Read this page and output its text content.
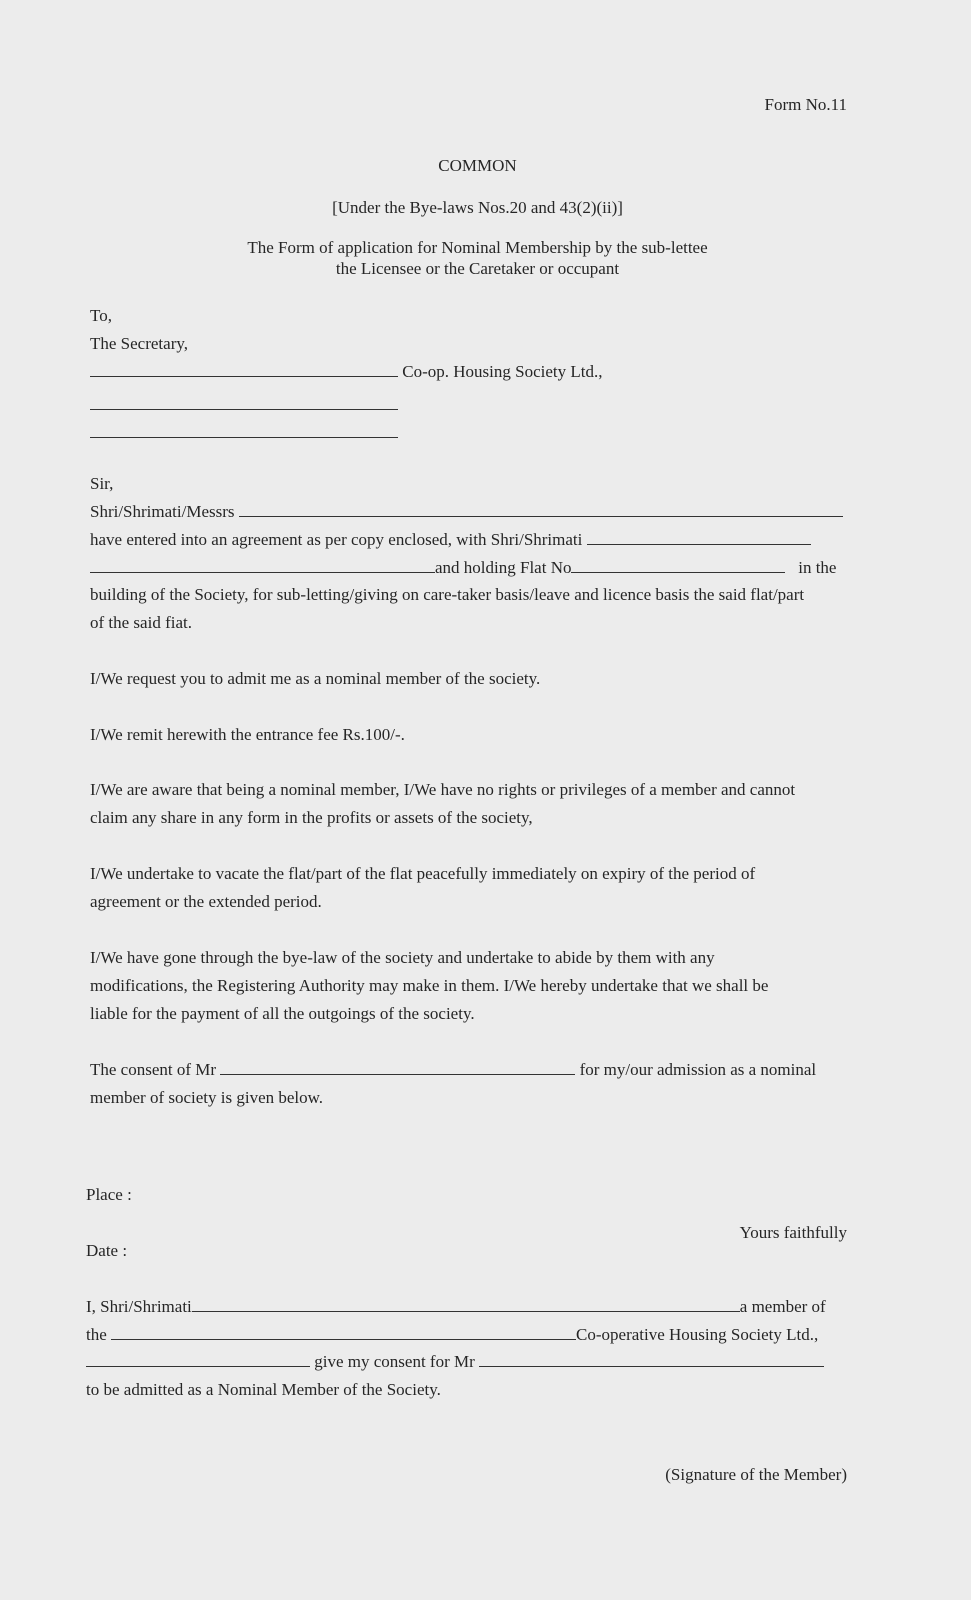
Form No.11
COMMON
[Under the Bye-laws Nos.20 and 43(2)(ii)]
The Form of application for Nominal Membership by the sub-lettee
the Licensee or the Caretaker or occupant
To,
The Secretary,
Co-op. Housing Society Ltd.,
Sir,
Shri/Shrimati/Messrs
have entered into an agreement as per copy enclosed, with Shri/Shrimati
and holding Flat No	in the
building of the Society, for sub-letting/giving on care-taker basis/leave and licence basis the said flat/part
of the said fiat.
I/We request you to admit me as a nominal member of the society.
I/We remit herewith the entrance fee Rs.100/-.
I/We are aware that being a nominal member, I/We have no rights or privileges of a member and cannot
claim any share in any form in the profits or assets of the society,
I/We undertake to vacate the flat/part of the flat peacefully immediately on expiry of the period of
agreement or the extended period.
I/We have gone through the bye-law of the society and undertake to abide by them with any
modifications, the Registering Authority may make in them. I/We hereby undertake that we shall be
liable for the payment of all the outgoings of the society.
The consent of Mr	for my/our admission as a nominal
member of society is given below.
Place :
Yours faithfully
Date :
I, Shri/Shrimati	a member of
the	Co-operative Housing Society Ltd.,
give my consent for Mr
to be admitted as a Nominal Member of the Society.
(Signature of the Member)
